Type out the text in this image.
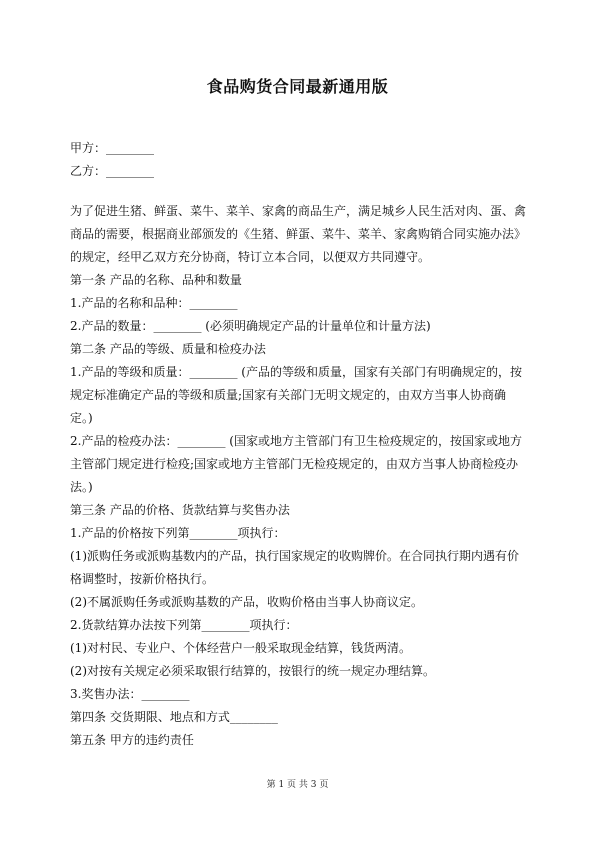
食品购货合同最新通用版
甲方：________
乙方：________
为了促进生猪、鲜蛋、菜牛、菜羊、家禽的商品生产，满足城乡人民生活对肉、蛋、禽
商品的需要，根据商业部颁发的《生猪、鲜蛋、菜牛、菜羊、家禽购销合同实施办法》
的规定，经甲乙双方充分协商，特订立本合同，以便双方共同遵守。
第一条 产品的名称、品种和数量
1.产品的名称和品种：________
2.产品的数量：________ (必须明确规定产品的计量单位和计量方法)
第二条 产品的等级、质量和检疫办法
1.产品的等级和质量：________ (产品的等级和质量，国家有关部门有明确规定的，按
规定标准确定产品的等级和质量;国家有关部门无明文规定的，由双方当事人协商确
定。)
2.产品的检疫办法：________ (国家或地方主管部门有卫生检疫规定的，按国家或地方
主管部门规定进行检疫;国家或地方主管部门无检疫规定的，由双方当事人协商检疫办
法。)
第三条 产品的价格、货款结算与奖售办法
1.产品的价格按下列第________项执行：
(1)派购任务或派购基数内的产品，执行国家规定的收购牌价。在合同执行期内遇有价
格调整时，按新价格执行。
(2)不属派购任务或派购基数的产品，收购价格由当事人协商议定。
2.货款结算办法按下列第________项执行：
(1)对村民、专业户、个体经营户一般采取现金结算，钱货两清。
(2)对按有关规定必须采取银行结算的，按银行的统一规定办理结算。
3.奖售办法：________
第四条 交货期限、地点和方式________
第五条 甲方的违约责任
第 1 页 共 3 页
